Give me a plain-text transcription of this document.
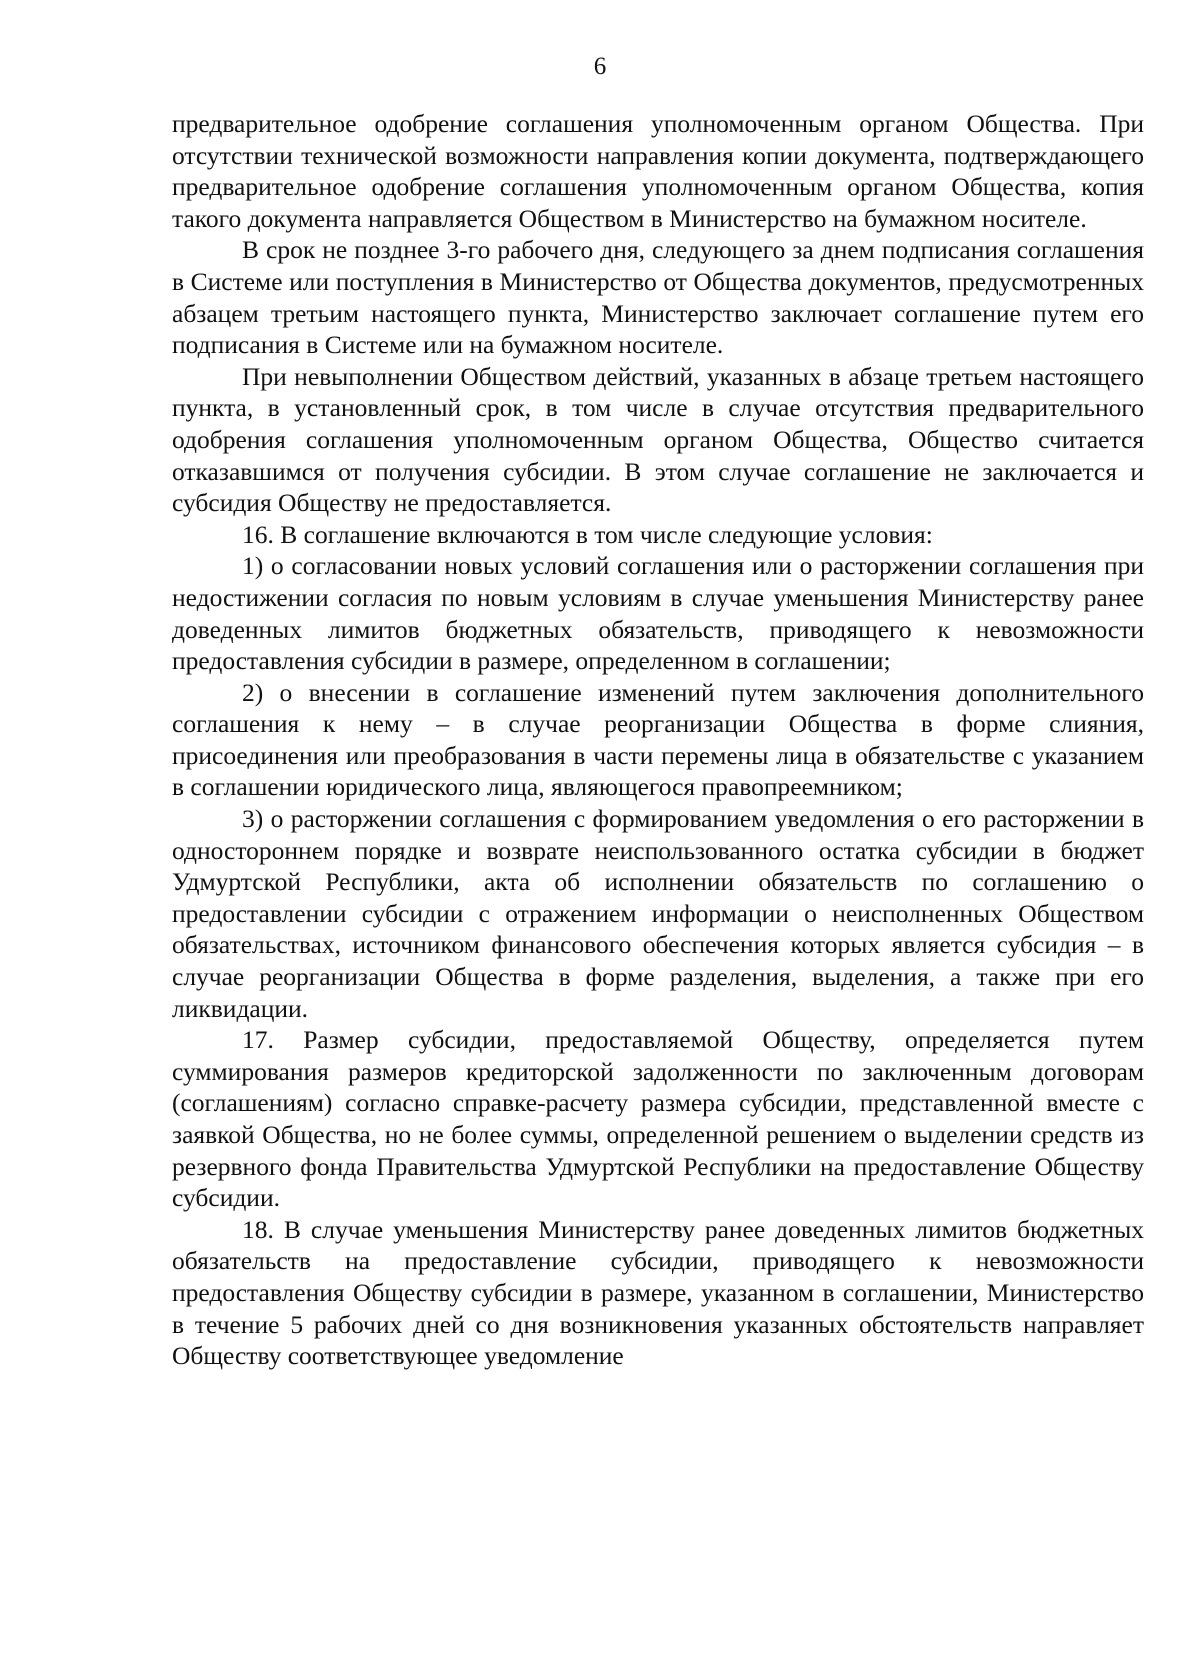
6

предварительное одобрение соглашения уполномоченным органом Общества. При отсутствии технической возможности направления копии документа, подтверждающего предварительное одобрение соглашения уполномоченным органом Общества, копия такого документа направляется Обществом в Министерство на бумажном носителе.

В срок не позднее 3-го рабочего дня, следующего за днем подписания соглашения в Системе или поступления в Министерство от Общества документов, предусмотренных абзацем третьим настоящего пункта, Министерство заключает соглашение путем его подписания в Системе или на бумажном носителе.

При невыполнении Обществом действий, указанных в абзаце третьем настоящего пункта, в установленный срок, в том числе в случае отсутствия предварительного одобрения соглашения уполномоченным органом Общества, Общество считается отказавшимся от получения субсидии. В этом случае соглашение не заключается и субсидия Обществу не предоставляется.

16. В соглашение включаются в том числе следующие условия:

1) о согласовании новых условий соглашения или о расторжении соглашения при недостижении согласия по новым условиям в случае уменьшения Министерству ранее доведенных лимитов бюджетных обязательств, приводящего к невозможности предоставления субсидии в размере, определенном в соглашении;

2) о внесении в соглашение изменений путем заключения дополнительного соглашения к нему – в случае реорганизации Общества в форме слияния, присоединения или преобразования в части перемены лица в обязательстве с указанием в соглашении юридического лица, являющегося правопреемником;

3) о расторжении соглашения с формированием уведомления о его расторжении в одностороннем порядке и возврате неиспользованного остатка субсидии в бюджет Удмуртской Республики, акта об исполнении обязательств по соглашению о предоставлении субсидии с отражением информации о неисполненных Обществом обязательствах, источником финансового обеспечения которых является субсидия – в случае реорганизации Общества в форме разделения, выделения, а также при его ликвидации.

17. Размер субсидии, предоставляемой Обществу, определяется путем суммирования размеров кредиторской задолженности по заключенным договорам (соглашениям) согласно справке-расчету размера субсидии, представленной вместе с заявкой Общества, но не более суммы, определенной решением о выделении средств из резервного фонда Правительства Удмуртской Республики на предоставление Обществу субсидии.

18. В случае уменьшения Министерству ранее доведенных лимитов бюджетных обязательств на предоставление субсидии, приводящего к невозможности предоставления Обществу субсидии в размере, указанном в соглашении, Министерство в течение 5 рабочих дней со дня возникновения указанных обстоятельств направляет Обществу соответствующее уведомление
